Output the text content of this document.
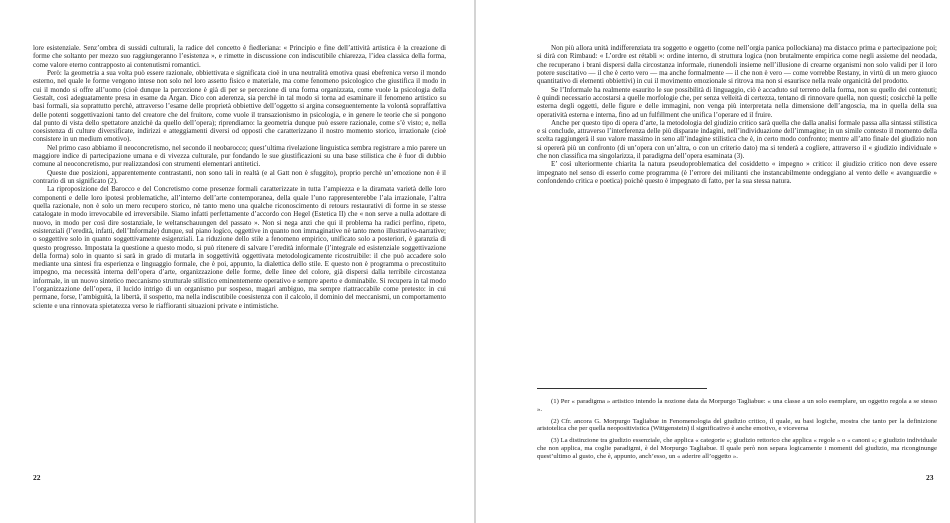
lore esistenziale. Senz’ombra di sussidi culturali, la radice del concetto è fiedleriana: « Principio e fine dell’attività artistica è la creazione di forme che soltanto per mezzo suo raggiungeranno l’esistenza », e rimette in discussione con indiscutibile chiarezza, l’idea classica della forma, come valore eterno contrapposto ai contenutismi romantici.

Però: la geometria a sua volta può essere razionale, obbiettivata e significata cioè in una neutralità emotiva quasi ebefrenica verso il mondo esterno, nel quale le forme vengono intese non solo nel loro assetto fisico e materiale, ma come fenomeno psicologico che giustifica il modo in cui il mondo si offre all’uomo (cioè dunque la percezione è già di per se percezione di una forma organizzata, come vuole la psicologia della Gestalt, così adeguatamente presa in esame da Argan. Dico con aderenza, sia perchè in tal modo si torna ad esaminare il fenomeno artistico su basi formali, sia soprattutto perchè, attraverso l’esame delle proprietà obbiettive dell’oggetto si argina conseguentemente la volontà sopraffattiva delle potenti soggettivazioni tanto del creatore che del fruitore, come vuole il transazionismo in psicologia, e in genere le teorie che si pongono dal punto di vista dello spettatore anzichè da quello dell’opera); riprendiamo: la geometria dunque può essere razionale, come s’è visto; e, nella coesistenza di culture diversificate, indirizzi e atteggiamenti diversi od opposti che caratterizzano il nostro momento storico, irrazionale (cioè consistere in un medium emotivo).

Nel primo caso abbiamo il neoconcretismo, nel secondo il neobarocco; quest’ultima rivelazione linguistica sembra registrare a mio parere un maggiore indice di partecipazione umana e di vivezza culturale, pur fondando le sue giustificazioni su una base stilistica che è fuor di dubbio comune al neoconcretismo, pur realizzandosi con strumenti elementari antitetici.

Queste due posizioni, apparentemente contrastanti, non sono tali in realtà (e al Gatt non è sfuggito), proprio perchè un’emozione non è il contrario di un significato (2).

La riproposizione del Barocco e del Concretismo come presenze formali caratterizzate in tutta l’ampiezza e la diramata varietà delle loro componenti e delle loro ipotesi problematiche, all’interno dell’arte contemporanea, della quale l’uno rappresenterebbe l’ala irrazionale, l’altra quella razionale, non è solo un mero recupero storico, nè tanto meno una qualche riconoscimento di retours restaurativi di forme in se stesse catalogate in modo irrevocabile ed irreversibile. Siamo infatti perfettamente d’accordo con Hegel (Estetica II) che « non serve a nulla adottare di nuovo, in modo per così dire sostanziale, le weltanschauungen del passato ». Non si nega anzi che qui il problema ha radici perfino, ripeto, esistenziali (l’eredità, infatti, dell’Informale) dunque, sul piano logico, oggettive in quanto non immaginative nè tanto meno illustrativo-narrative; o soggettive solo in quanto soggettivamente esigenziali. La riduzione dello stile a fenomeno empirico, unificato solo a posteriori, è garanzia di questo progresso. Impostata la questione a questo modo, si può ritenere di salvare l’eredità informale (l’integrale ed esistenziale soggettivazione della forma) solo in quanto si sarà in grado di mutarla in soggettività oggettivata metodologicamente ricostruibile: il che può accadere solo mediante una sintesi fra esperienza e linguaggio formale, che è poi, appunto, la dialettica dello stile. E questo non è programma o precostituito impegno, ma necessità interna dell’opera d’arte, organizzazione delle forme, delle linee del colore, già dispersi dalla terribile circostanza informale, in un nuovo sintetico meccanismo strutturale stilistico eminentemente operativo e sempre aperto e dominabile. Si recupera in tal modo l’organizzazione dell’opera, il lucido intrigo di un organismo pur sospeso, magari ambiguo, ma sempre riattraccabile come pretesto: in cui permane, forse, l’ambiguità, la libertà, il sospetto, ma nella indiscutibile coesistenza con il calcolo, il dominio del meccanismi, un comportamento sciente e una rinnovata spietatezza verso le riaffioranti situazioni private e intimistiche.

22

Non più allora unità indifferenziata tra soggetto e oggetto (come nell’orgia panica pollockiana) ma distacco prima e partecipazione poi; si dirà con Rimbaud: « L’ordre est rétabli »: ordine interno, di struttura logica (non brutalmente empirica come negli assieme del neodada, che recuperano i brani dispersi dalla circostanza informale, riunendoli insieme nell’illusione di crearne organismi non solo validi per il loro potere suscitativo — il che è certo vero — ma anche formalmente — il che non è vero — come vorrebbe Restany, in virtù di un mero giuoco quantitativo di elementi obbiettivi) in cui il movimento emozionale si ritrova ma non si esaurisce nella reale organicità del prodotto.

Se l’Informale ha realmente esaurito le sue possibilità di linguaggio, ciò è accaduto sul terreno della forma, non su quello dei contenuti; è quindi necessario accostarsi a quelle morfologie che, per senza velleità di certezza, tentano di rinnovare quella, non questi; cosicchè la pelle esterna degli oggetti, delle figure e delle immagini, non venga più interpretata nella dimensione dell’angoscia, ma in quella della sua operatività esterna e interna, fino ad un fulfillment che unifica l’operare ed il fruire.

Anche per questo tipo di opera d’arte, la metodologia del giudizio critico sarà quella che dalla analisi formale passa alla sintassi stilistica e si conclude, attraverso l’interferenza delle più disparate indagini, nell’individuazione dell’immagine; in un simile contesto il momento della scelta raggiungerà il suo valore massimo in seno all’indagine stilistica che è, in certo modo confronto; mentre all’atto finale del giudizio non si opererà più un confronto (di un’opera con un’altra, o con un criterio dato) ma si tenderà a cogliere, attraverso il « giudizio individuale » che non classifica ma singolarizza, il paradigma dell’opera esaminata (3).

E’ così ulteriormente chiarita la natura pseudoproblematica del cosiddetto « impegno » critico: il giudizio critico non deve essere impegnato nel senso di esserlo come programma (è l’errore dei militanti che instancabilmente ondeggiano al vento delle « avanguardie » confondendo critica e poetica) poichè questo è impegnato di fatto, per la sua stessa natura.

(1) Per « paradigma » artistico intendo la nozione data da Morpurgo Tagliabue: « una classe a un solo esemplare, un oggetto regola a se stesso ».

(2) Cfr. ancora G. Morpurgo Tagliabue in Fenomenologia del giudizio critico, il quale, su basi logiche, mostra che tanto per la definizione aristotelica che per quella neopositivistica (Wittgenstein) il significativo è anche emotivo, e viceversa

(3) La distinzione tra giudizio essenziale, che applica « categorie »; giudizio rettorico che applica « regole » o « canoni »; e giudizio individuale che non applica, ma coglie paradigmi, è del Morpurgo Tagliabue. Il quale però non separa logicamente i momenti del giudizio, ma riconginunge quest’ultimo al gusto, che è, appunto, anch’esso, un « aderire all’oggetto ».

23
